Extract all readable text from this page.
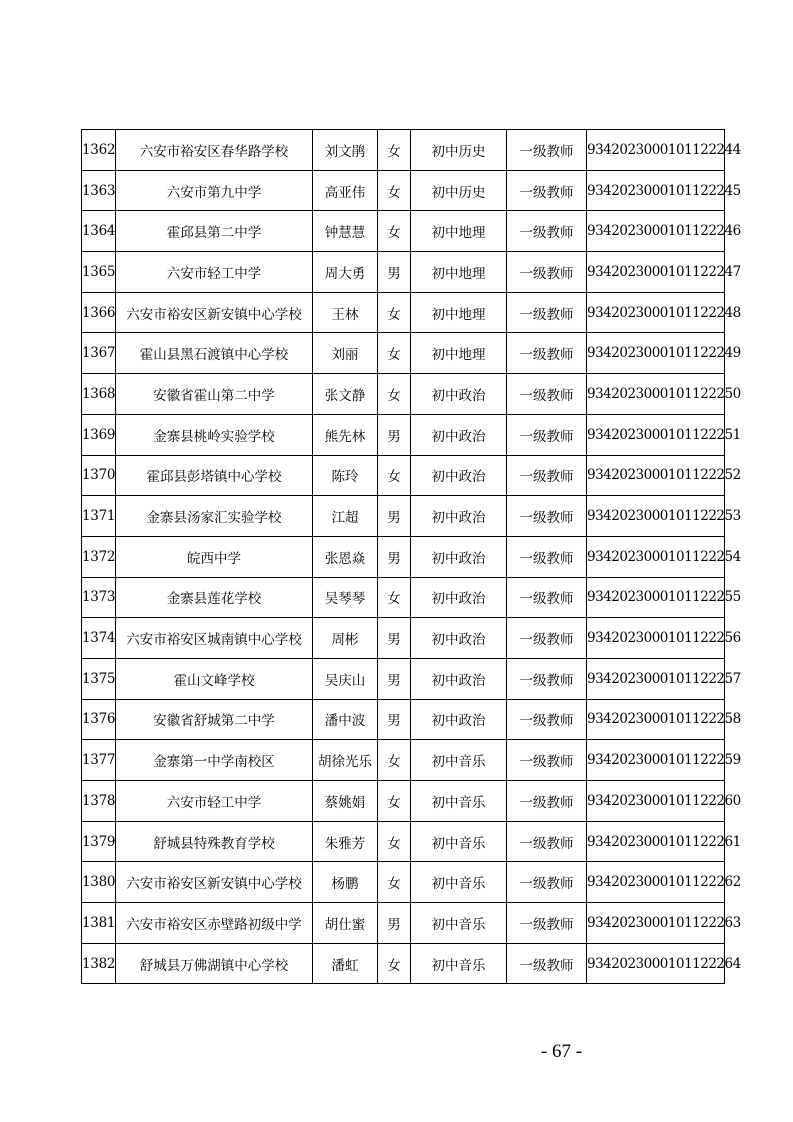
1362	六安市裕安区春华路学校	刘文鹃	女	初中历史	一级教师	9342023000101122244
1363	六安市第九中学	高亚伟	女	初中历史	一级教师	9342023000101122245
1364	霍邱县第二中学	钟慧慧	女	初中地理	一级教师	9342023000101122246
1365	六安市轻工中学	周大勇	男	初中地理	一级教师	9342023000101122247
1366	六安市裕安区新安镇中心学校	王林	女	初中地理	一级教师	9342023000101122248
1367	霍山县黑石渡镇中心学校	刘丽	女	初中地理	一级教师	9342023000101122249
1368	安徽省霍山第二中学	张文静	女	初中政治	一级教师	9342023000101122250
1369	金寨县桃岭实验学校	熊先林	男	初中政治	一级教师	9342023000101122251
1370	霍邱县彭塔镇中心学校	陈玲	女	初中政治	一级教师	9342023000101122252
1371	金寨县汤家汇实验学校	江超	男	初中政治	一级教师	9342023000101122253
1372	皖西中学	张恩焱	男	初中政治	一级教师	9342023000101122254
1373	金寨县莲花学校	吴琴琴	女	初中政治	一级教师	9342023000101122255
1374	六安市裕安区城南镇中心学校	周彬	男	初中政治	一级教师	9342023000101122256
1375	霍山文峰学校	吴庆山	男	初中政治	一级教师	9342023000101122257
1376	安徽省舒城第二中学	潘中波	男	初中政治	一级教师	9342023000101122258
1377	金寨第一中学南校区	胡徐光乐	女	初中音乐	一级教师	9342023000101122259
1378	六安市轻工中学	蔡姚娟	女	初中音乐	一级教师	9342023000101122260
1379	舒城县特殊教育学校	朱雅芳	女	初中音乐	一级教师	9342023000101122261
1380	六安市裕安区新安镇中心学校	杨鹏	女	初中音乐	一级教师	9342023000101122262
1381	六安市裕安区赤壁路初级中学	胡仕蜜	男	初中音乐	一级教师	9342023000101122263
1382	舒城县万佛湖镇中心学校	潘虹	女	初中音乐	一级教师	9342023000101122264
- 67 -
